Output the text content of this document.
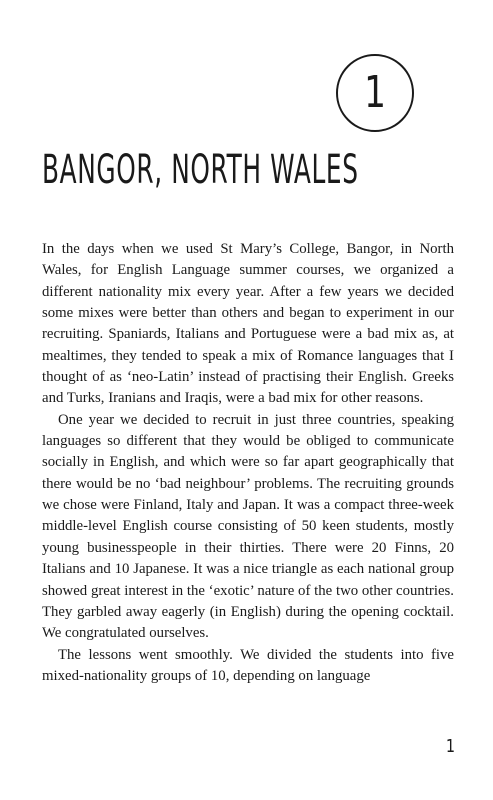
1
BANGOR, NORTH WALES

In the days when we used St Mary’s College, Bangor, in North Wales, for English Language summer courses, we organized a different nationality mix every year. After a few years we decided some mixes were better than others and began to experiment in our recruiting. Spaniards, Italians and Portuguese were a bad mix as, at mealtimes, they tended to speak a mix of Romance languages that I thought of as ‘neo-Latin’ instead of practising their English. Greeks and Turks, Iranians and Iraqis, were a bad mix for other reasons.

One year we decided to recruit in just three countries, speaking languages so different that they would be obliged to communicate socially in English, and which were so far apart geographically that there would be no ‘bad neighbour’ problems. The recruiting grounds we chose were Finland, Italy and Japan. It was a compact three-week middle-level English course consisting of 50 keen students, mostly young businesspeople in their thirties. There were 20 Finns, 20 Italians and 10 Japanese. It was a nice triangle as each national group showed great interest in the ‘exotic’ nature of the two other countries. They garbled away eagerly (in English) during the opening cocktail. We congratulated ourselves.

The lessons went smoothly. We divided the students into five mixed-nationality groups of 10, depending on language

1
